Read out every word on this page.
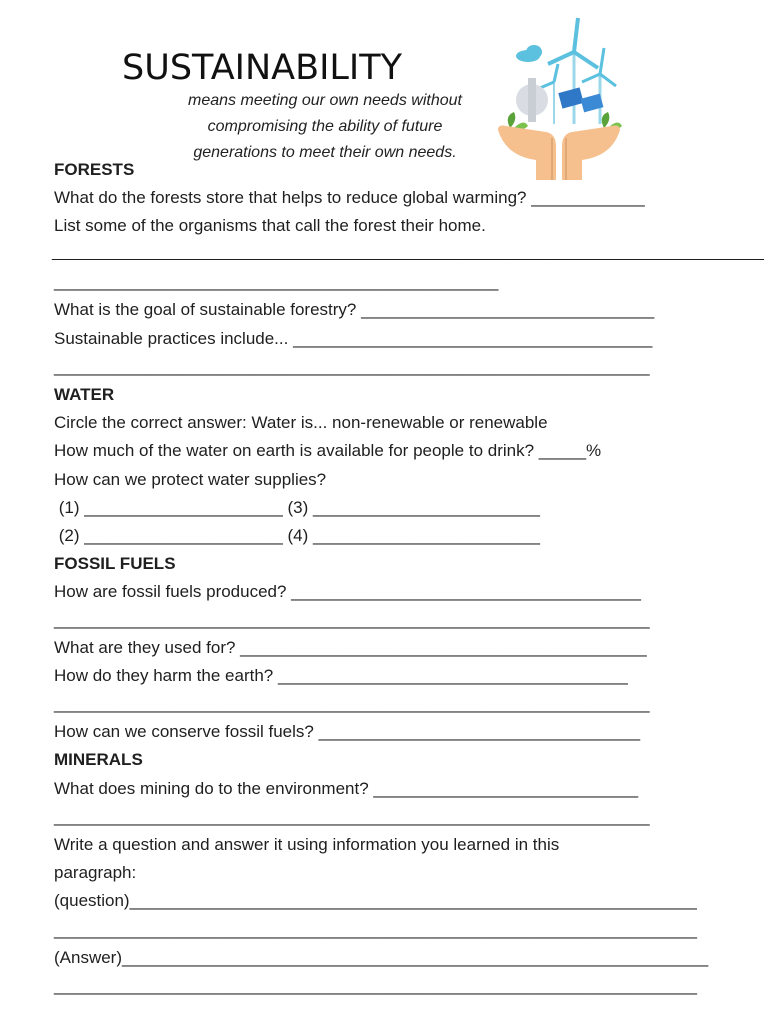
SUSTAINABILITY
means meeting our own needs without
compromising the ability of future
generations to meet their own needs.
FORESTS
What do the forests store that helps to reduce global warming? ____________
List some of the organisms that call the forest their home.
________________________________________________________________________________
_______________________________________________
What is the goal of sustainable forestry? _______________________________
Sustainable practices include... ______________________________________
_______________________________________________________________
WATER
Circle the correct answer: Water is... non-renewable or renewable
How much of the water on earth is available for people to drink? _____%
How can we protect water supplies?
(1) _____________________ (3) ________________________
(2) _____________________ (4) ________________________
FOSSIL FUELS
How are fossil fuels produced? _____________________________________
_______________________________________________________________
What are they used for? ___________________________________________
How do they harm the earth? _____________________________________
_______________________________________________________________
How can we conserve fossil fuels? __________________________________
MINERALS
What does mining do to the environment? ____________________________
_______________________________________________________________
Write a question and answer it using information you learned in this
paragraph:
(question)____________________________________________________________
____________________________________________________________________
(Answer)______________________________________________________________
____________________________________________________________________
